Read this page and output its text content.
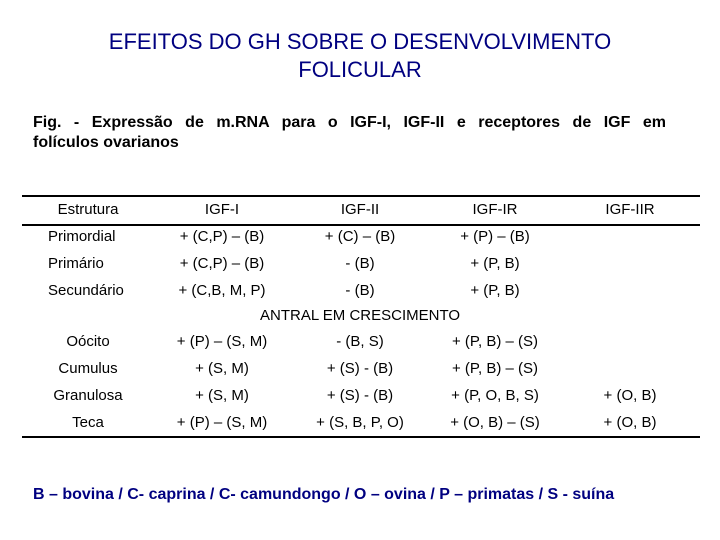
EFEITOS DO GH SOBRE O DESENVOLVIMENTO
FOLICULAR
Fig. - Expressão de m.RNA para o IGF-I, IGF-II e receptores de IGF em
folículos ovarianos
Estrutura	IGF-I	IGF-II	IGF-IR	IGF-IIR
Primordial	+ (C,P) – (B)	+ (C) – (B)	+ (P) – (B)
Primário	+ (C,P) – (B)	- (B)	+ (P, B)
Secundário	+ (C,B, M, P)	- (B)	+ (P, B)
Oócito	+ (P) – (S, M)	- (B, S)	+ (P, B) – (S)
Cumulus	+ (S, M)	+ (S) - (B)	+ (P, B) – (S)
Granulosa	+ (S, M)	+ (S) - (B)	+ (P, O, B, S)	+ (O, B)
Teca	+ (P) – (S, M)	+ (S, B, P, O)	+ (O, B) – (S)	+ (O, B)
ANTRAL EM CRESCIMENTO
B – bovina / C- caprina / C- camundongo / O – ovina / P – primatas / S - suína
